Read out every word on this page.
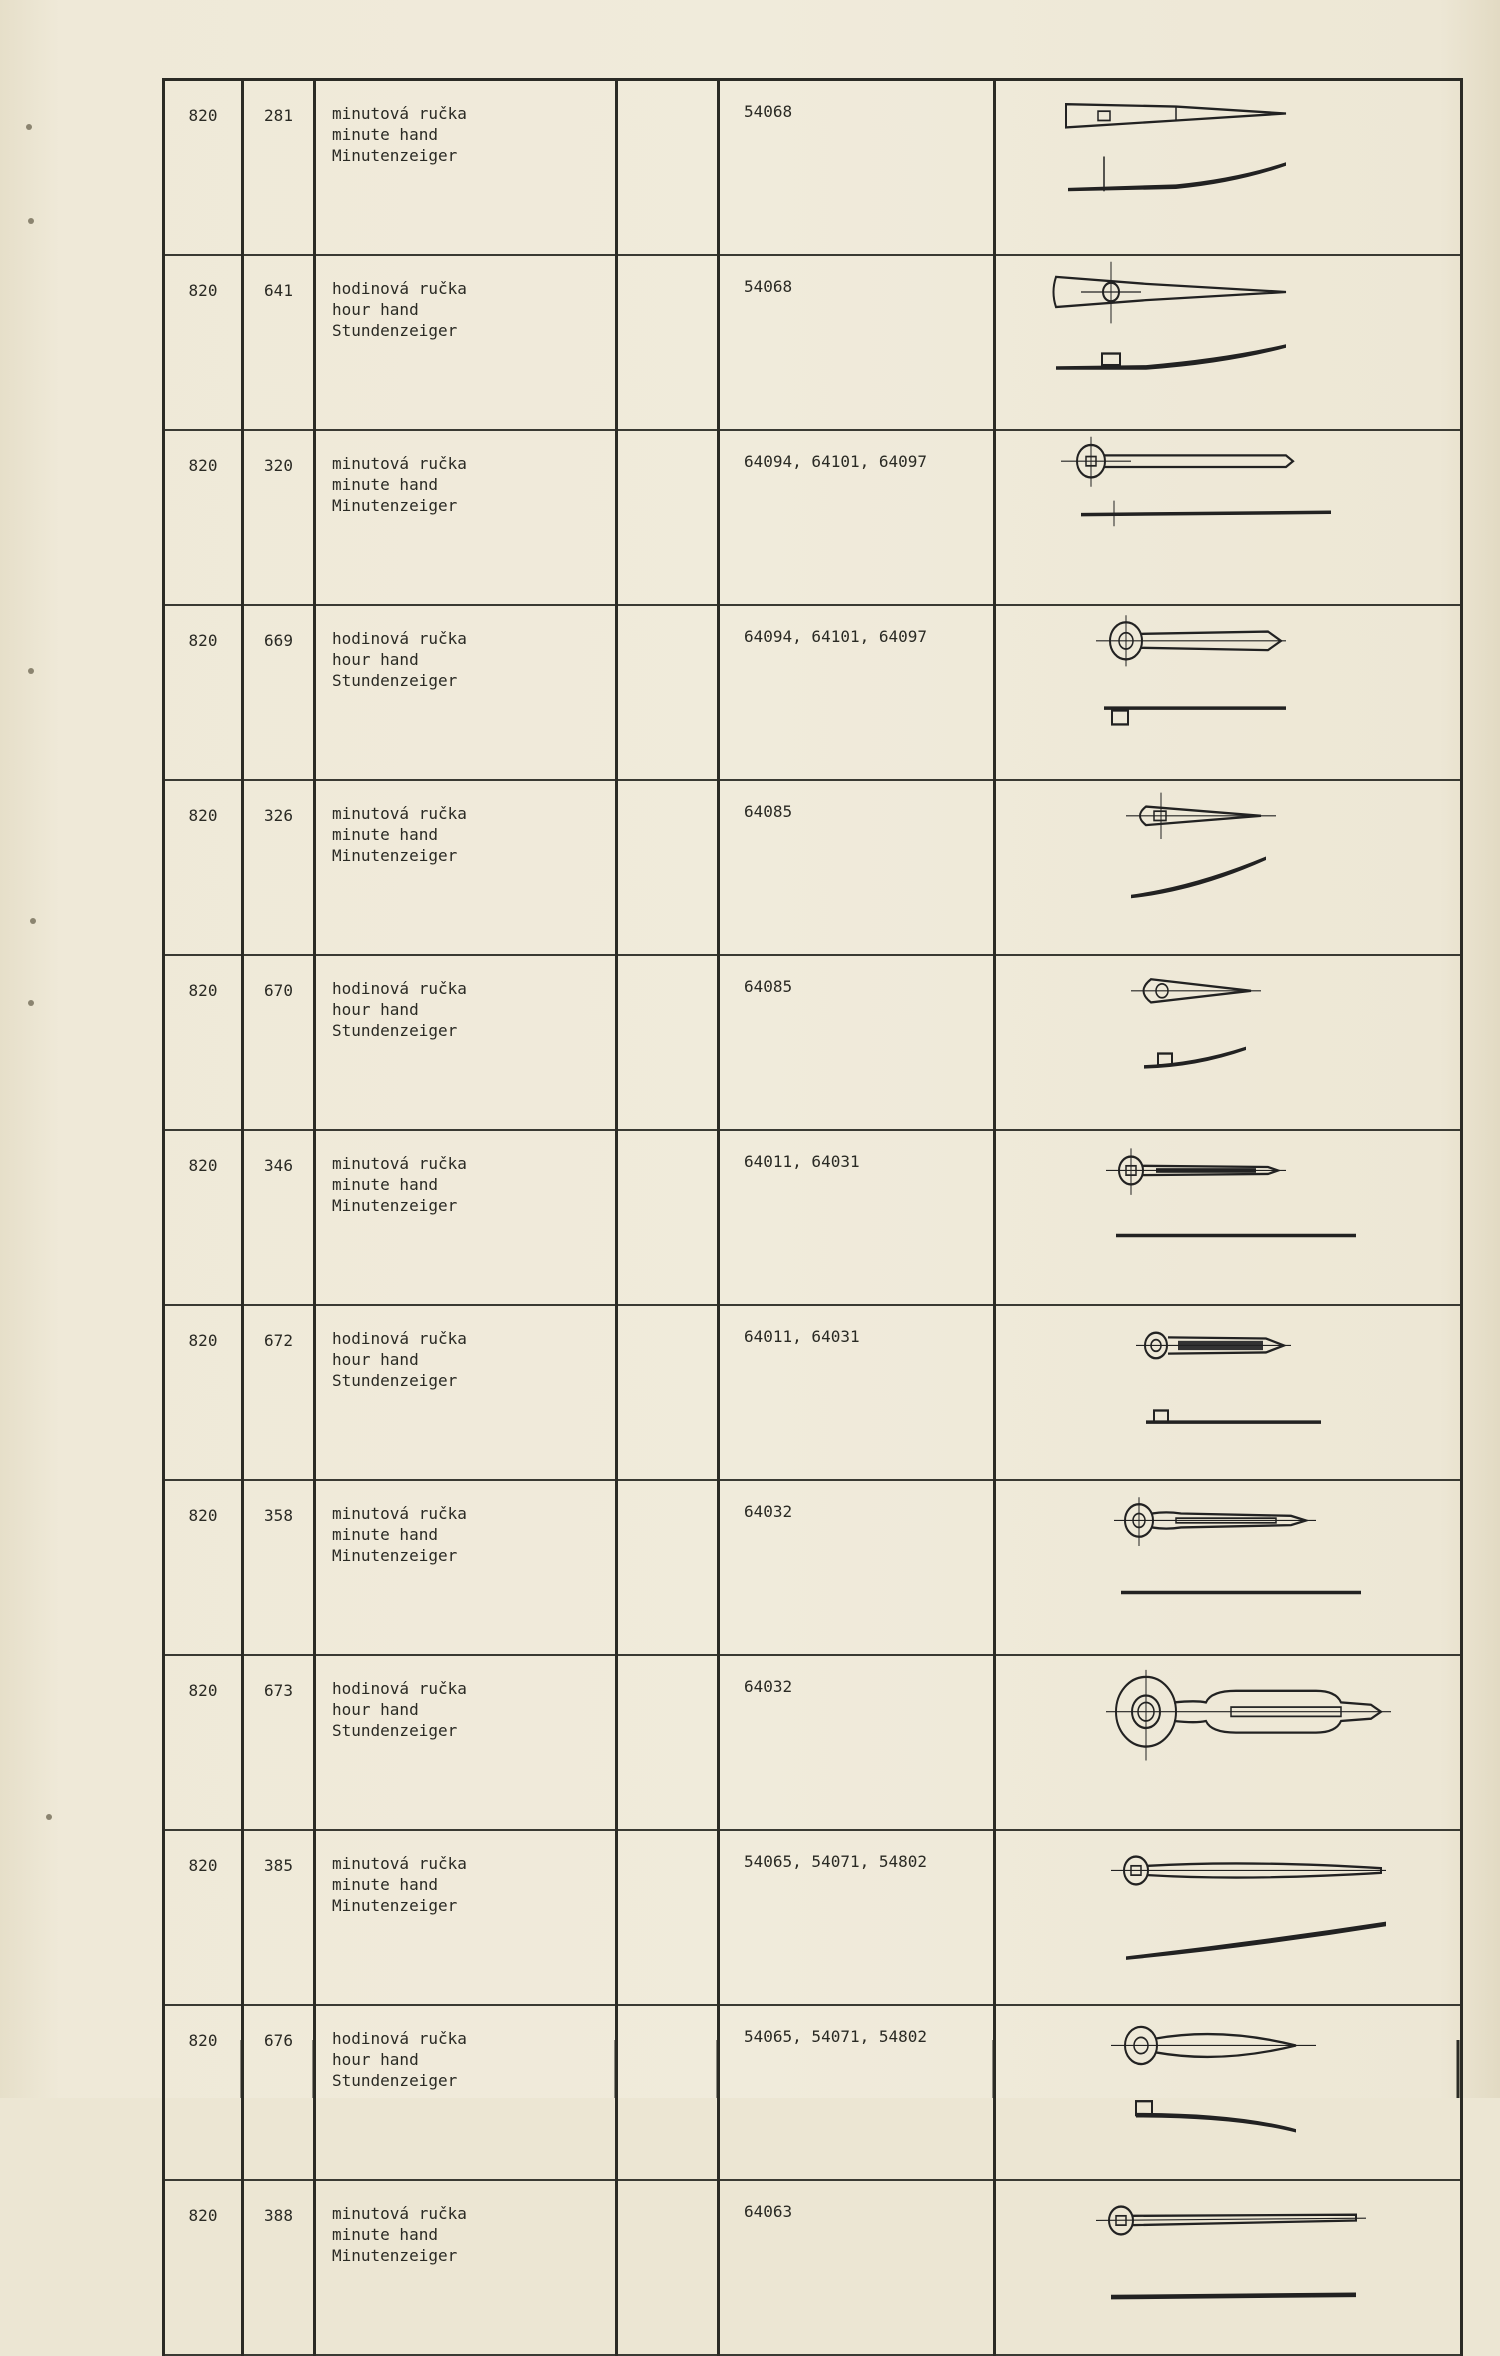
820	281	minutová ručka
minute hand
Minutenzeiger		54068	

820	641	hodinová ručka
hour hand
Stundenzeiger		54068	

820	320	minutová ručka
minute hand
Minutenzeiger		64094, 64101, 64097	

820	669	hodinová ručka
hour hand
Stundenzeiger		64094, 64101, 64097	

820	326	minutová ručka
minute hand
Minutenzeiger		64085	

820	670	hodinová ručka
hour hand
Stundenzeiger		64085	

820	346	minutová ručka
minute hand
Minutenzeiger		64011, 64031	

820	672	hodinová ručka
hour hand
Stundenzeiger		64011, 64031	

820	358	minutová ručka
minute hand
Minutenzeiger		64032	

820	673	hodinová ručka
hour hand
Stundenzeiger		64032	

820	385	minutová ručka
minute hand
Minutenzeiger		54065, 54071, 54802	

820	676	hodinová ručka
hour hand
Stundenzeiger		54065, 54071, 54802	

820	388	minutová ručka
minute hand
Minutenzeiger		64063	
